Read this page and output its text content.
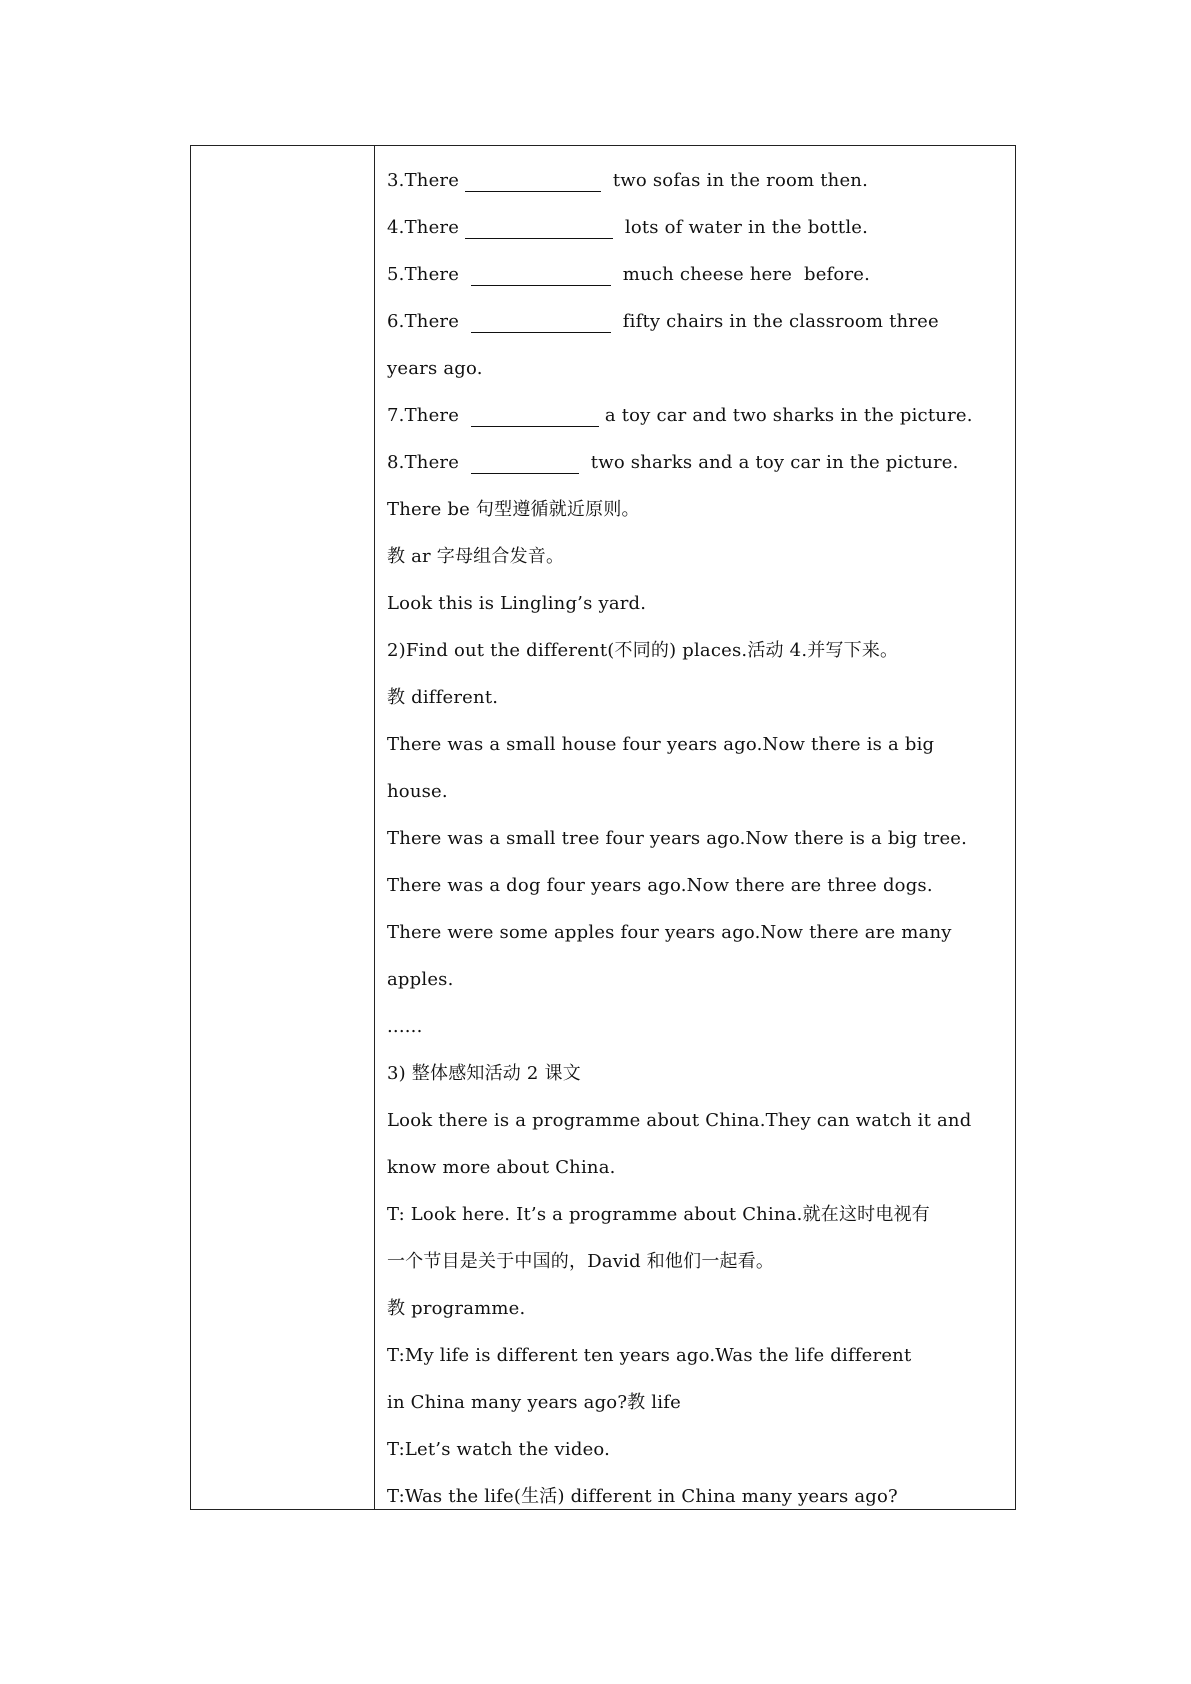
3.There	two sofas in the room then.
4.There	lots of water in the bottle.
5.There	much cheese here  before.
6.There	fifty chairs in the classroom three
years ago.
7.There	a toy car and two sharks in the picture.
8.There	two sharks and a toy car in the picture.
There be 句型遵循就近原则。
教 ar 字母组合发音。
Look this is Lingling’s yard.
2)Find out the different(不同的) places.活动 4.并写下来。
教 different.
There was a small house four years ago.Now there is a big
house.
There was a small tree four years ago.Now there is a big tree.
There was a dog four years ago.Now there are three dogs.
There were some apples four years ago.Now there are many
apples.
......
3) 整体感知活动 2 课文
Look there is a programme about China.They can watch it and
know more about China.
T: Look here. It’s a programme about China.就在这时电视有
一个节目是关于中国的，David 和他们一起看。
教 programme.
T:My life is different ten years ago.Was the life different
in China many years ago?教 life
T:Let’s watch the video.
T:Was the life(生活) different in China many years ago?
